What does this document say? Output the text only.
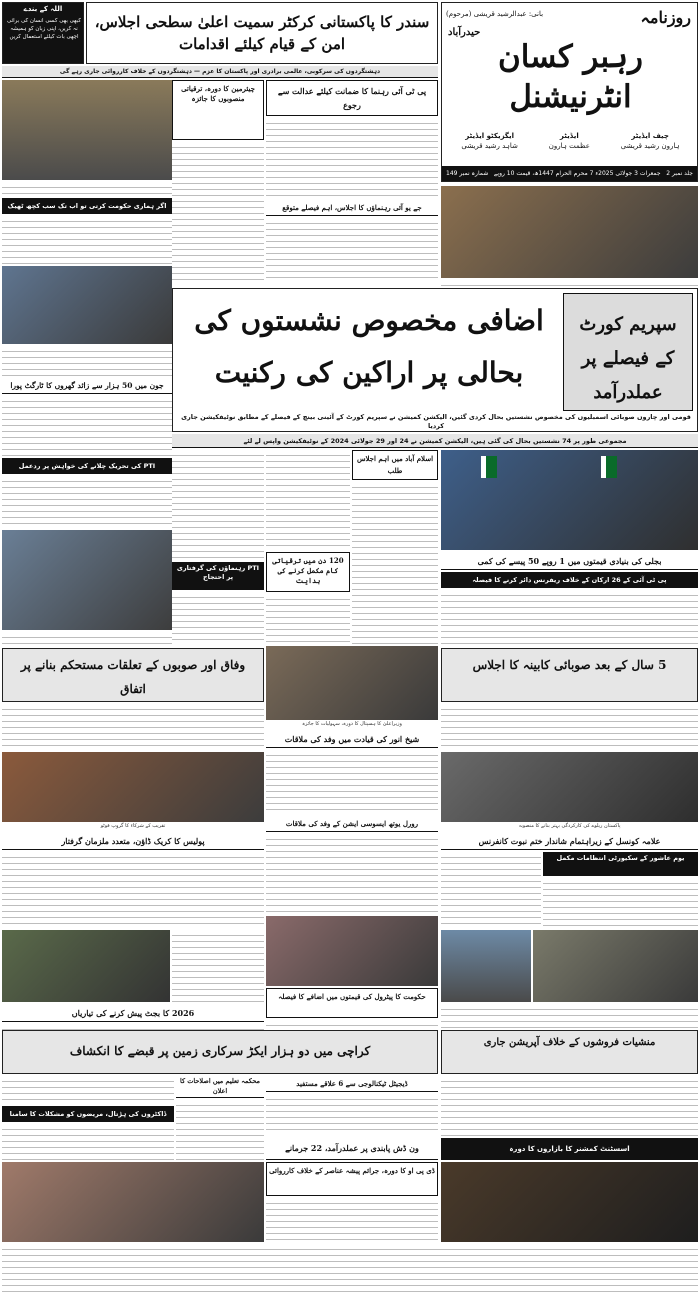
روزنامہ
بانی: عبدالرشید قریشی (مرحوم)
رہبر کسان انٹرنیشنل
حیدرآباد
چیف ایڈیٹر
ہارون رشید قریشی
ایڈیٹر
عظمت ہارون
ایگزیکٹو ایڈیٹر
شاہد رشید قریشی
جلد نمبر 2
جمعرات 3 جولائی 2025ء 7 محرم الحرام 1447ھ، قیمت 10 روپے
شمارہ نمبر 149
سندر کا پاکستانی کرکٹر سمیت اعلیٰ سطحی اجلاس، امن کے قیام کیلئے اقدامات
اللہ کے بندے
کبھی بھی کسی انسان کی برائی نہ کریں، اپنی زبان کو ہمیشہ اچھی بات کیلئے استعمال کریں
دہشتگردوں کی سرکوبی، عالمی برادری اور پاکستان کا عزم — دہشتگردوں کے خلاف کارروائی جاری رہے گی
اگر ہماری حکومت کرتی تو اب تک سب کچھ ٹھیک
جون میں 50 ہزار سے زائد گھروں کا ٹارگٹ پورا
PTI کی تحریک چلانے کی خواہش پر ردعمل
چیئرمین کا دورہ، ترقیاتی منصوبوں کا جائزہ
پی ٹی آئی رہنما کا ضمانت کیلئے عدالت سے رجوع
جے یو آئی رہنماؤں کا اجلاس، اہم فیصلے متوقع
سپریم کورٹ کے فیصلے پر عملدرآمد
اضافی مخصوص نشستوں کی بحالی پر اراکین کی رکنیت
قومی اور چاروں صوبائی اسمبلیوں کی مخصوص نشستیں بحال کردی گئیں، الیکشن کمیشن نے سپریم کورٹ کے آئینی بینچ کے فیصلے کے مطابق نوٹیفکیشن جاری کردیا
مجموعی طور پر 74 نشستیں بحال کی گئی ہیں، الیکشن کمیشن نے 24 اور 29 جولائی 2024 کے نوٹیفکیشن واپس لے لئے
PTI رہنماؤں کی گرفتاری پر احتجاج
120 دن میں ترقیاتی کام مکمل کرنے کی ہدایت
اسلام آباد میں اہم اجلاس طلب
بجلی کی بنیادی قیمتوں میں 1 روپے 50 پیسے کی کمی
پی ٹی آئی کے 26 ارکان کے خلاف ریفرنس دائر کرنے کا فیصلہ
وزیراعلیٰ کا ہسپتال کا دورہ، سہولیات کا جائزہ
وفاق اور صوبوں کے تعلقات مستحکم بنانے پر اتفاق
5 سال کے بعد صوبائی کابینہ کا اجلاس
شیخ انور کی قیادت میں وفد کی ملاقات
تقریب کے شرکاء کا گروپ فوٹو	پاکستان ریلوے کی کارکردگی بہتر بنانے کا منصوبہ
رورل یوتھ ایسوسی ایشن کے وفد کی ملاقات
پولیس کا کریک ڈاؤن، متعدد ملزمان گرفتار	علامہ کونسل کے زیراہتمام شاندار ختم نبوت کانفرنس
یوم عاشور کے سکیورٹی انتظامات مکمل
2026 کا بجٹ پیش کرنے کی تیاریاں
حکومت کا پیٹرول کی قیمتوں میں اضافے کا فیصلہ
کراچی میں دو ہزار ایکڑ سرکاری زمین پر قبضے کا انکشاف
منشیات فروشوں کے خلاف آپریشن جاری
ڈاکٹروں کی ہڑتال، مریضوں کو مشکلات کا سامنا
محکمہ تعلیم میں اصلاحات کا اعلان
ڈیجیٹل ٹیکنالوجی سے 6 علاقے مستفید
ون ڈش پابندی پر عملدرآمد، 22 جرمانے	اسسٹنٹ کمشنر کا بازاروں کا دورہ
ڈی پی او کا دورہ، جرائم پیشہ عناصر کے خلاف کارروائی
